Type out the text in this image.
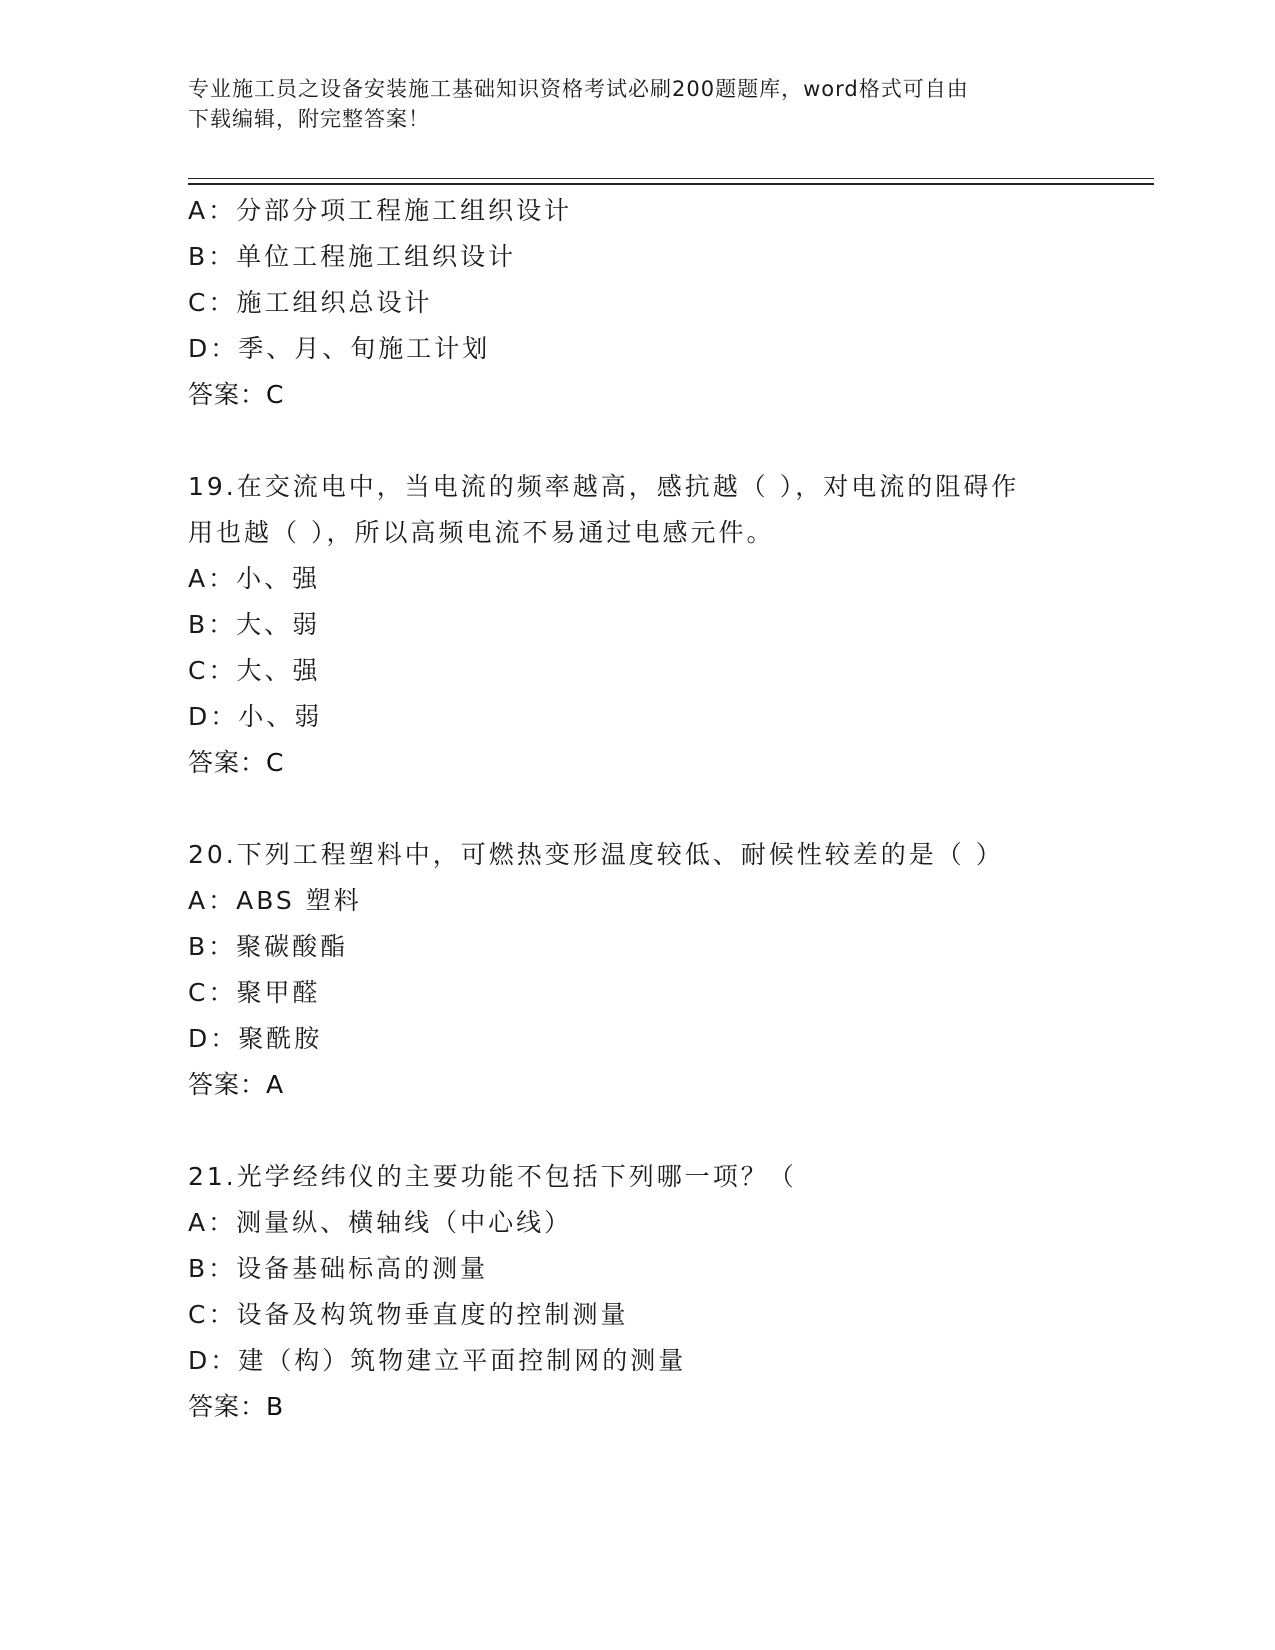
专业施工员之设备安装施工基础知识资格考试必刷200题题库，word格式可自由
下载编辑，附完整答案！
A：分部分项工程施工组织设计
B：单位工程施工组织设计
C：施工组织总设计
D：季、月、旬施工计划
答案：C
19.在交流电中，当电流的频率越高，感抗越（ ），对电流的阻碍作
用也越（ ），所以高频电流不易通过电感元件。
A：小、强
B：大、弱
C：大、强
D：小、弱
答案：C
20.下列工程塑料中，可燃热变形温度较低、耐候性较差的是（ ）
A：ABS 塑料
B：聚碳酸酯
C：聚甲醛
D：聚酰胺
答案：A
21.光学经纬仪的主要功能不包括下列哪一项？（
A：测量纵、横轴线（中心线）
B：设备基础标高的测量
C：设备及构筑物垂直度的控制测量
D：建（构）筑物建立平面控制网的测量
答案：B
